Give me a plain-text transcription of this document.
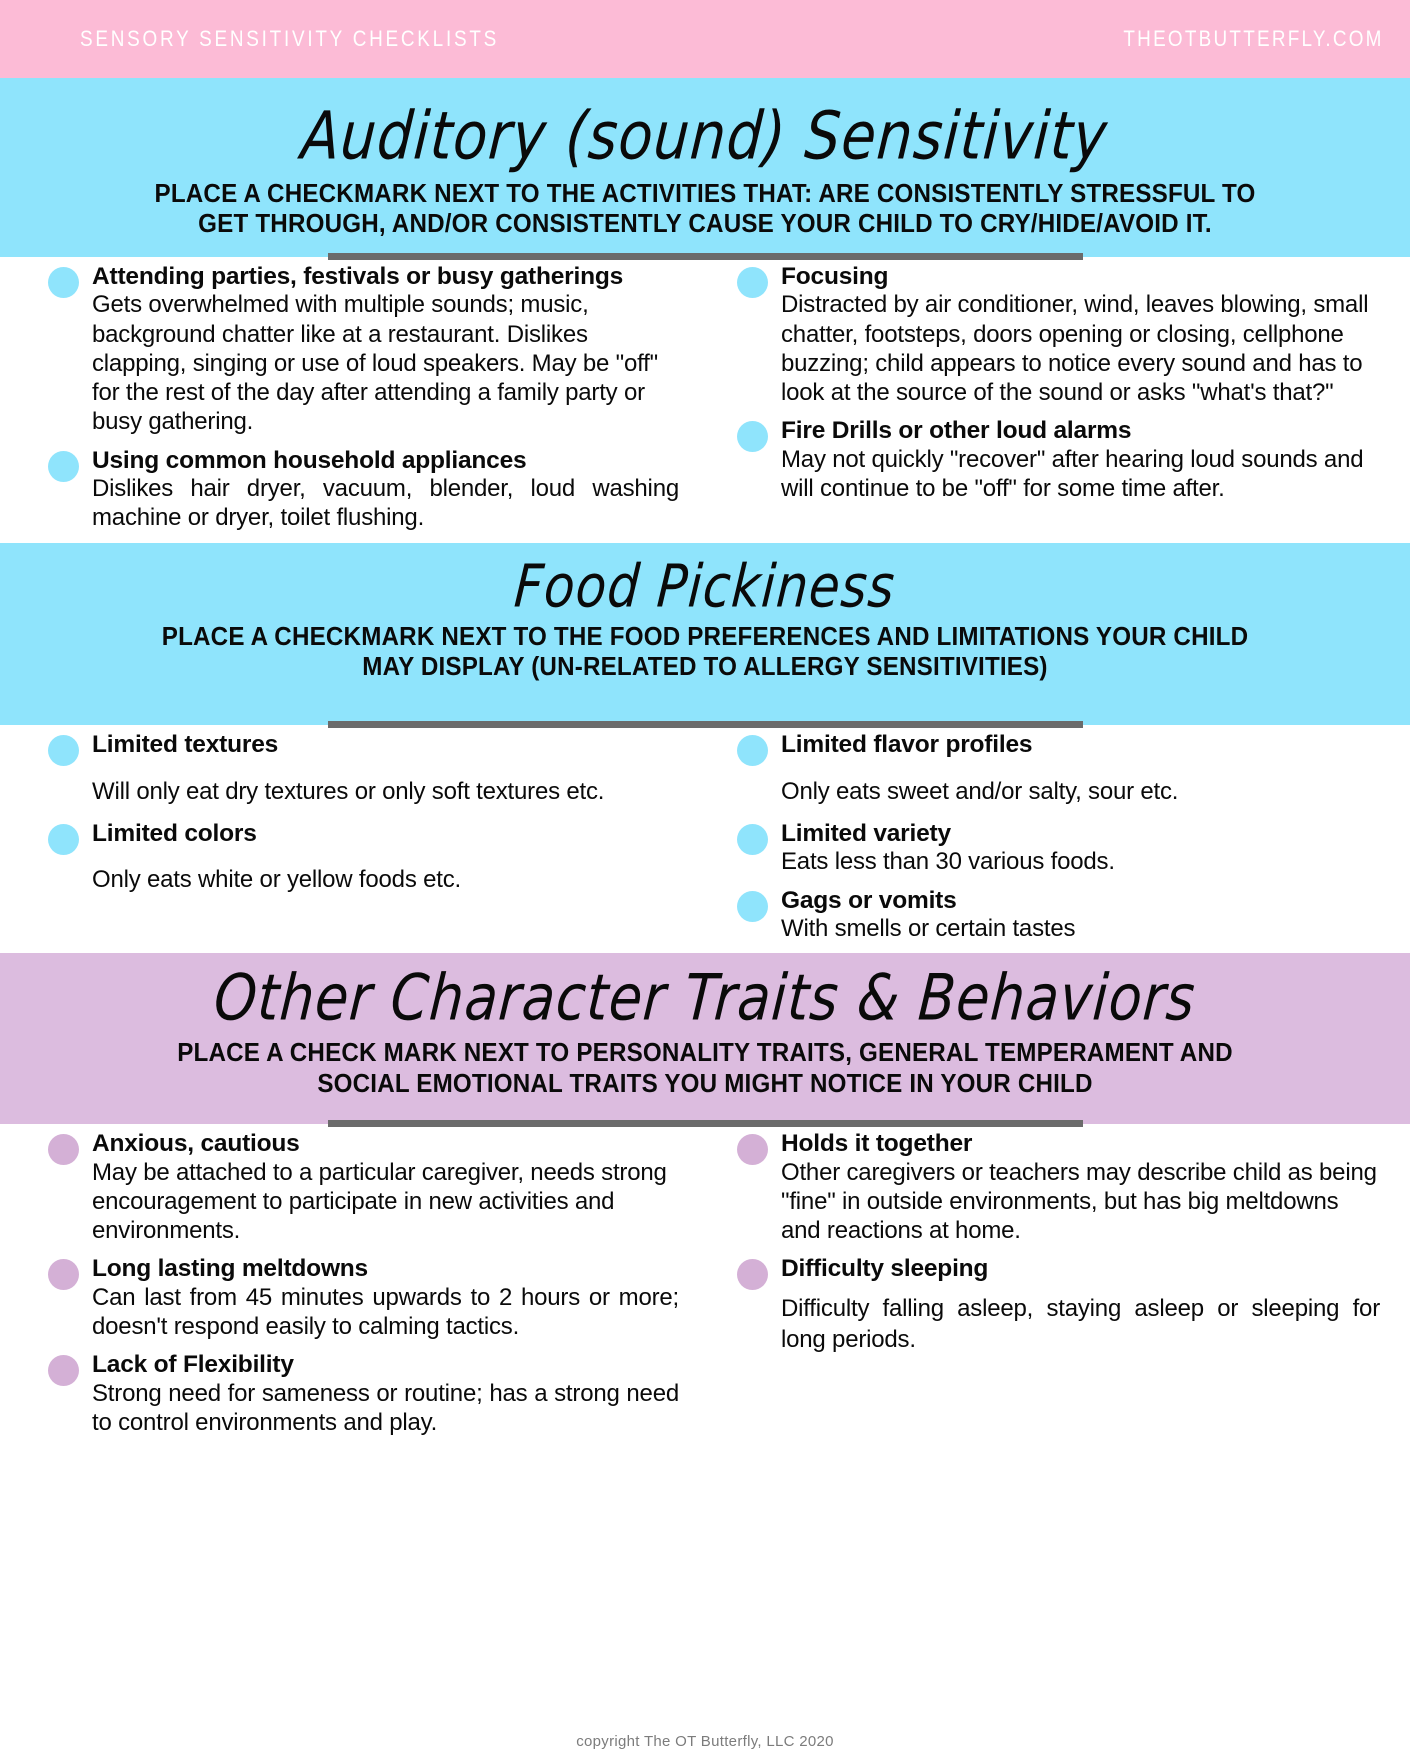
SENSORY SENSITIVITY CHECKLISTS	THEOTBUTTERFLY.COM
Auditory (sound) Sensitivity
PLACE A CHECKMARK NEXT TO THE ACTIVITIES THAT: ARE CONSISTENTLY STRESSFUL TO GET THROUGH, AND/OR CONSISTENTLY CAUSE YOUR CHILD TO CRY/HIDE/AVOID IT.
Attending parties, festivals or busy gatherings
Gets overwhelmed with multiple sounds; music, background chatter like at a restaurant. Dislikes clapping, singing or use of loud speakers. May be "off" for the rest of the day after attending a family party or busy gathering.
Using common household appliances
Dislikes hair dryer, vacuum, blender, loud washing machine or dryer, toilet flushing.
Focusing
Distracted by air conditioner, wind, leaves blowing, small chatter, footsteps, doors opening or closing, cellphone buzzing; child appears to notice every sound and has to look at the source of the sound or asks "what's that?"
Fire Drills or other loud alarms
May not quickly "recover" after hearing loud sounds and will continue to be "off" for some time after.
Food Pickiness
PLACE A CHECKMARK NEXT TO THE FOOD PREFERENCES AND LIMITATIONS YOUR CHILD MAY DISPLAY (UN-RELATED TO ALLERGY SENSITIVITIES)
Limited textures
Will only eat dry textures or only soft textures etc.
Limited colors
Only eats white or yellow foods etc.
Limited flavor profiles
Only eats sweet and/or salty, sour etc.
Limited variety
Eats less than 30 various foods.
Gags or vomits
With smells or certain tastes
Other Character Traits & Behaviors
PLACE A CHECK MARK NEXT TO PERSONALITY TRAITS, GENERAL TEMPERAMENT AND SOCIAL EMOTIONAL TRAITS YOU MIGHT NOTICE IN YOUR CHILD
Anxious, cautious
May be attached to a particular caregiver, needs strong encouragement to participate in new activities and environments.
Long lasting meltdowns
Can last from 45 minutes upwards to 2 hours or more; doesn't respond easily to calming tactics.
Lack of Flexibility
Strong need for sameness or routine; has a strong need to control environments and play.
Holds it together
Other caregivers or teachers may describe child as being "fine" in outside environments, but has big meltdowns and reactions at home.
Difficulty sleeping
Difficulty falling asleep, staying asleep or sleeping for long periods.
copyright The OT Butterfly, LLC 2020
